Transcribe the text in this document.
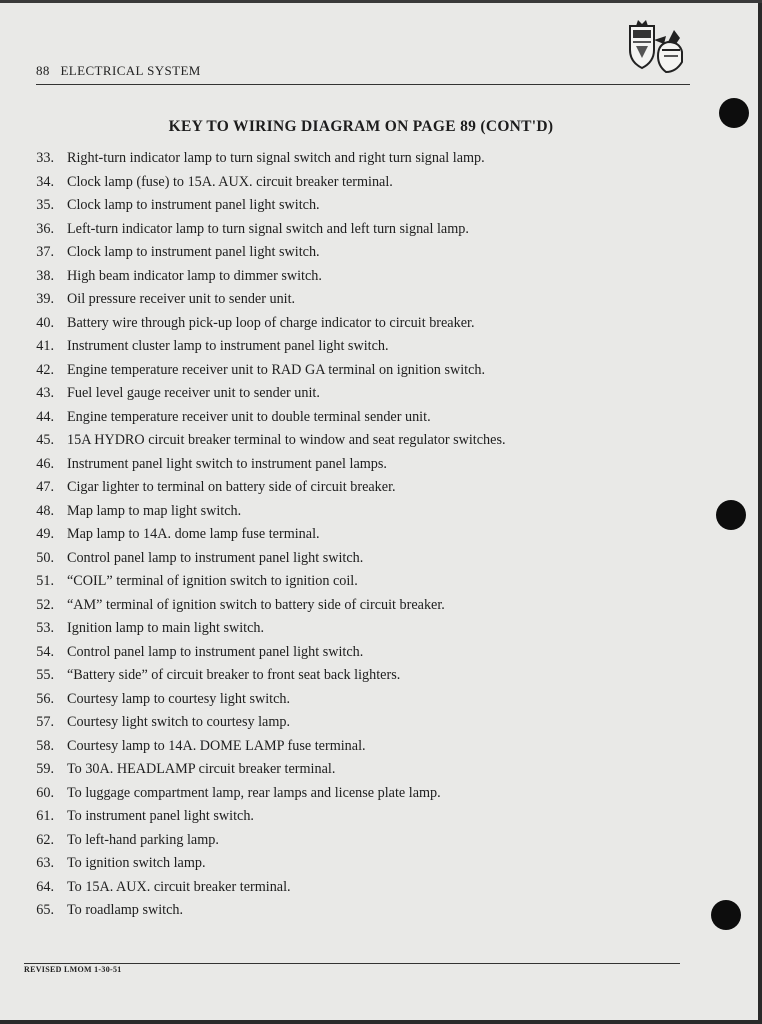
88 ELECTRICAL SYSTEM
KEY TO WIRING DIAGRAM ON PAGE 89 (CONT'D)
33. Right-turn indicator lamp to turn signal switch and right turn signal lamp.
34. Clock lamp (fuse) to 15A. AUX. circuit breaker terminal.
35. Clock lamp to instrument panel light switch.
36. Left-turn indicator lamp to turn signal switch and left turn signal lamp.
37. Clock lamp to instrument panel light switch.
38. High beam indicator lamp to dimmer switch.
39. Oil pressure receiver unit to sender unit.
40. Battery wire through pick-up loop of charge indicator to circuit breaker.
41. Instrument cluster lamp to instrument panel light switch.
42. Engine temperature receiver unit to RAD GA terminal on ignition switch.
43. Fuel level gauge receiver unit to sender unit.
44. Engine temperature receiver unit to double terminal sender unit.
45. 15A HYDRO circuit breaker terminal to window and seat regulator switches.
46. Instrument panel light switch to instrument panel lamps.
47. Cigar lighter to terminal on battery side of circuit breaker.
48. Map lamp to map light switch.
49. Map lamp to 14A. dome lamp fuse terminal.
50. Control panel lamp to instrument panel light switch.
51. “COIL” terminal of ignition switch to ignition coil.
52. “AM” terminal of ignition switch to battery side of circuit breaker.
53. Ignition lamp to main light switch.
54. Control panel lamp to instrument panel light switch.
55. “Battery side” of circuit breaker to front seat back lighters.
56. Courtesy lamp to courtesy light switch.
57. Courtesy light switch to courtesy lamp.
58. Courtesy lamp to 14A. DOME LAMP fuse terminal.
59. To 30A. HEADLAMP circuit breaker terminal.
60. To luggage compartment lamp, rear lamps and license plate lamp.
61. To instrument panel light switch.
62. To left-hand parking lamp.
63. To ignition switch lamp.
64. To 15A. AUX. circuit breaker terminal.
65. To roadlamp switch.
REVISED LMOM 1-30-51
